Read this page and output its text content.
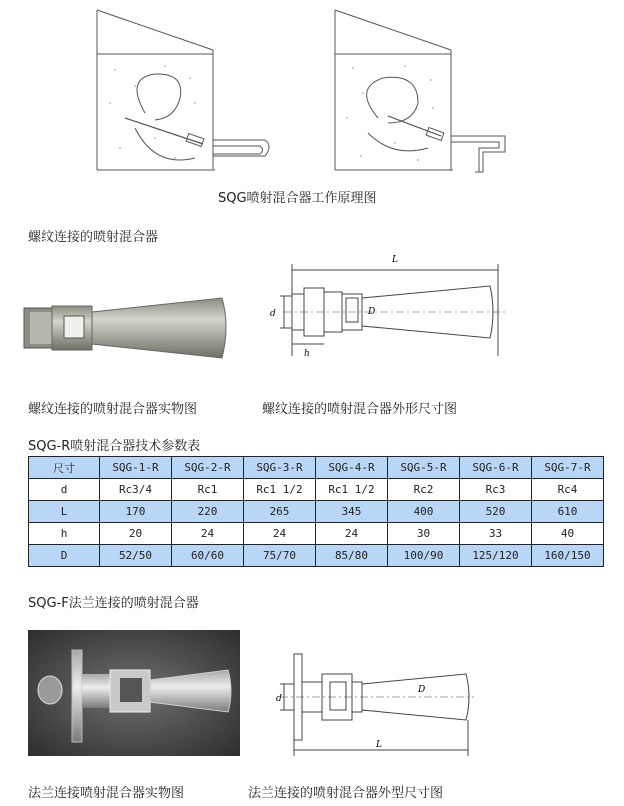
SQG喷射混合器工作原理图
螺纹连接的喷射混合器
L
d	D
h
螺纹连接的喷射混合器实物图	螺纹连接的喷射混合器外形尺寸图
SQG-R喷射混合器技术参数表
尺寸	SQG-1-R	SQG-2-R	SQG-3-R	SQG-4-R	SQG-5-R	SQG-6-R	SQG-7-R
d	Rc3/4	Rc1	Rc1 1/2	Rc1 1/2	Rc2	Rc3	Rc4
L	170	220	265	345	400	520	610
h	20	24	24	24	30	33	40
D	52/50	60/60	75/70	85/80	100/90	125/120	160/150
SQG-F法兰连接的喷射混合器
d
D
L
法兰连接喷射混合器实物图	法兰连接的喷射混合器外型尺寸图
